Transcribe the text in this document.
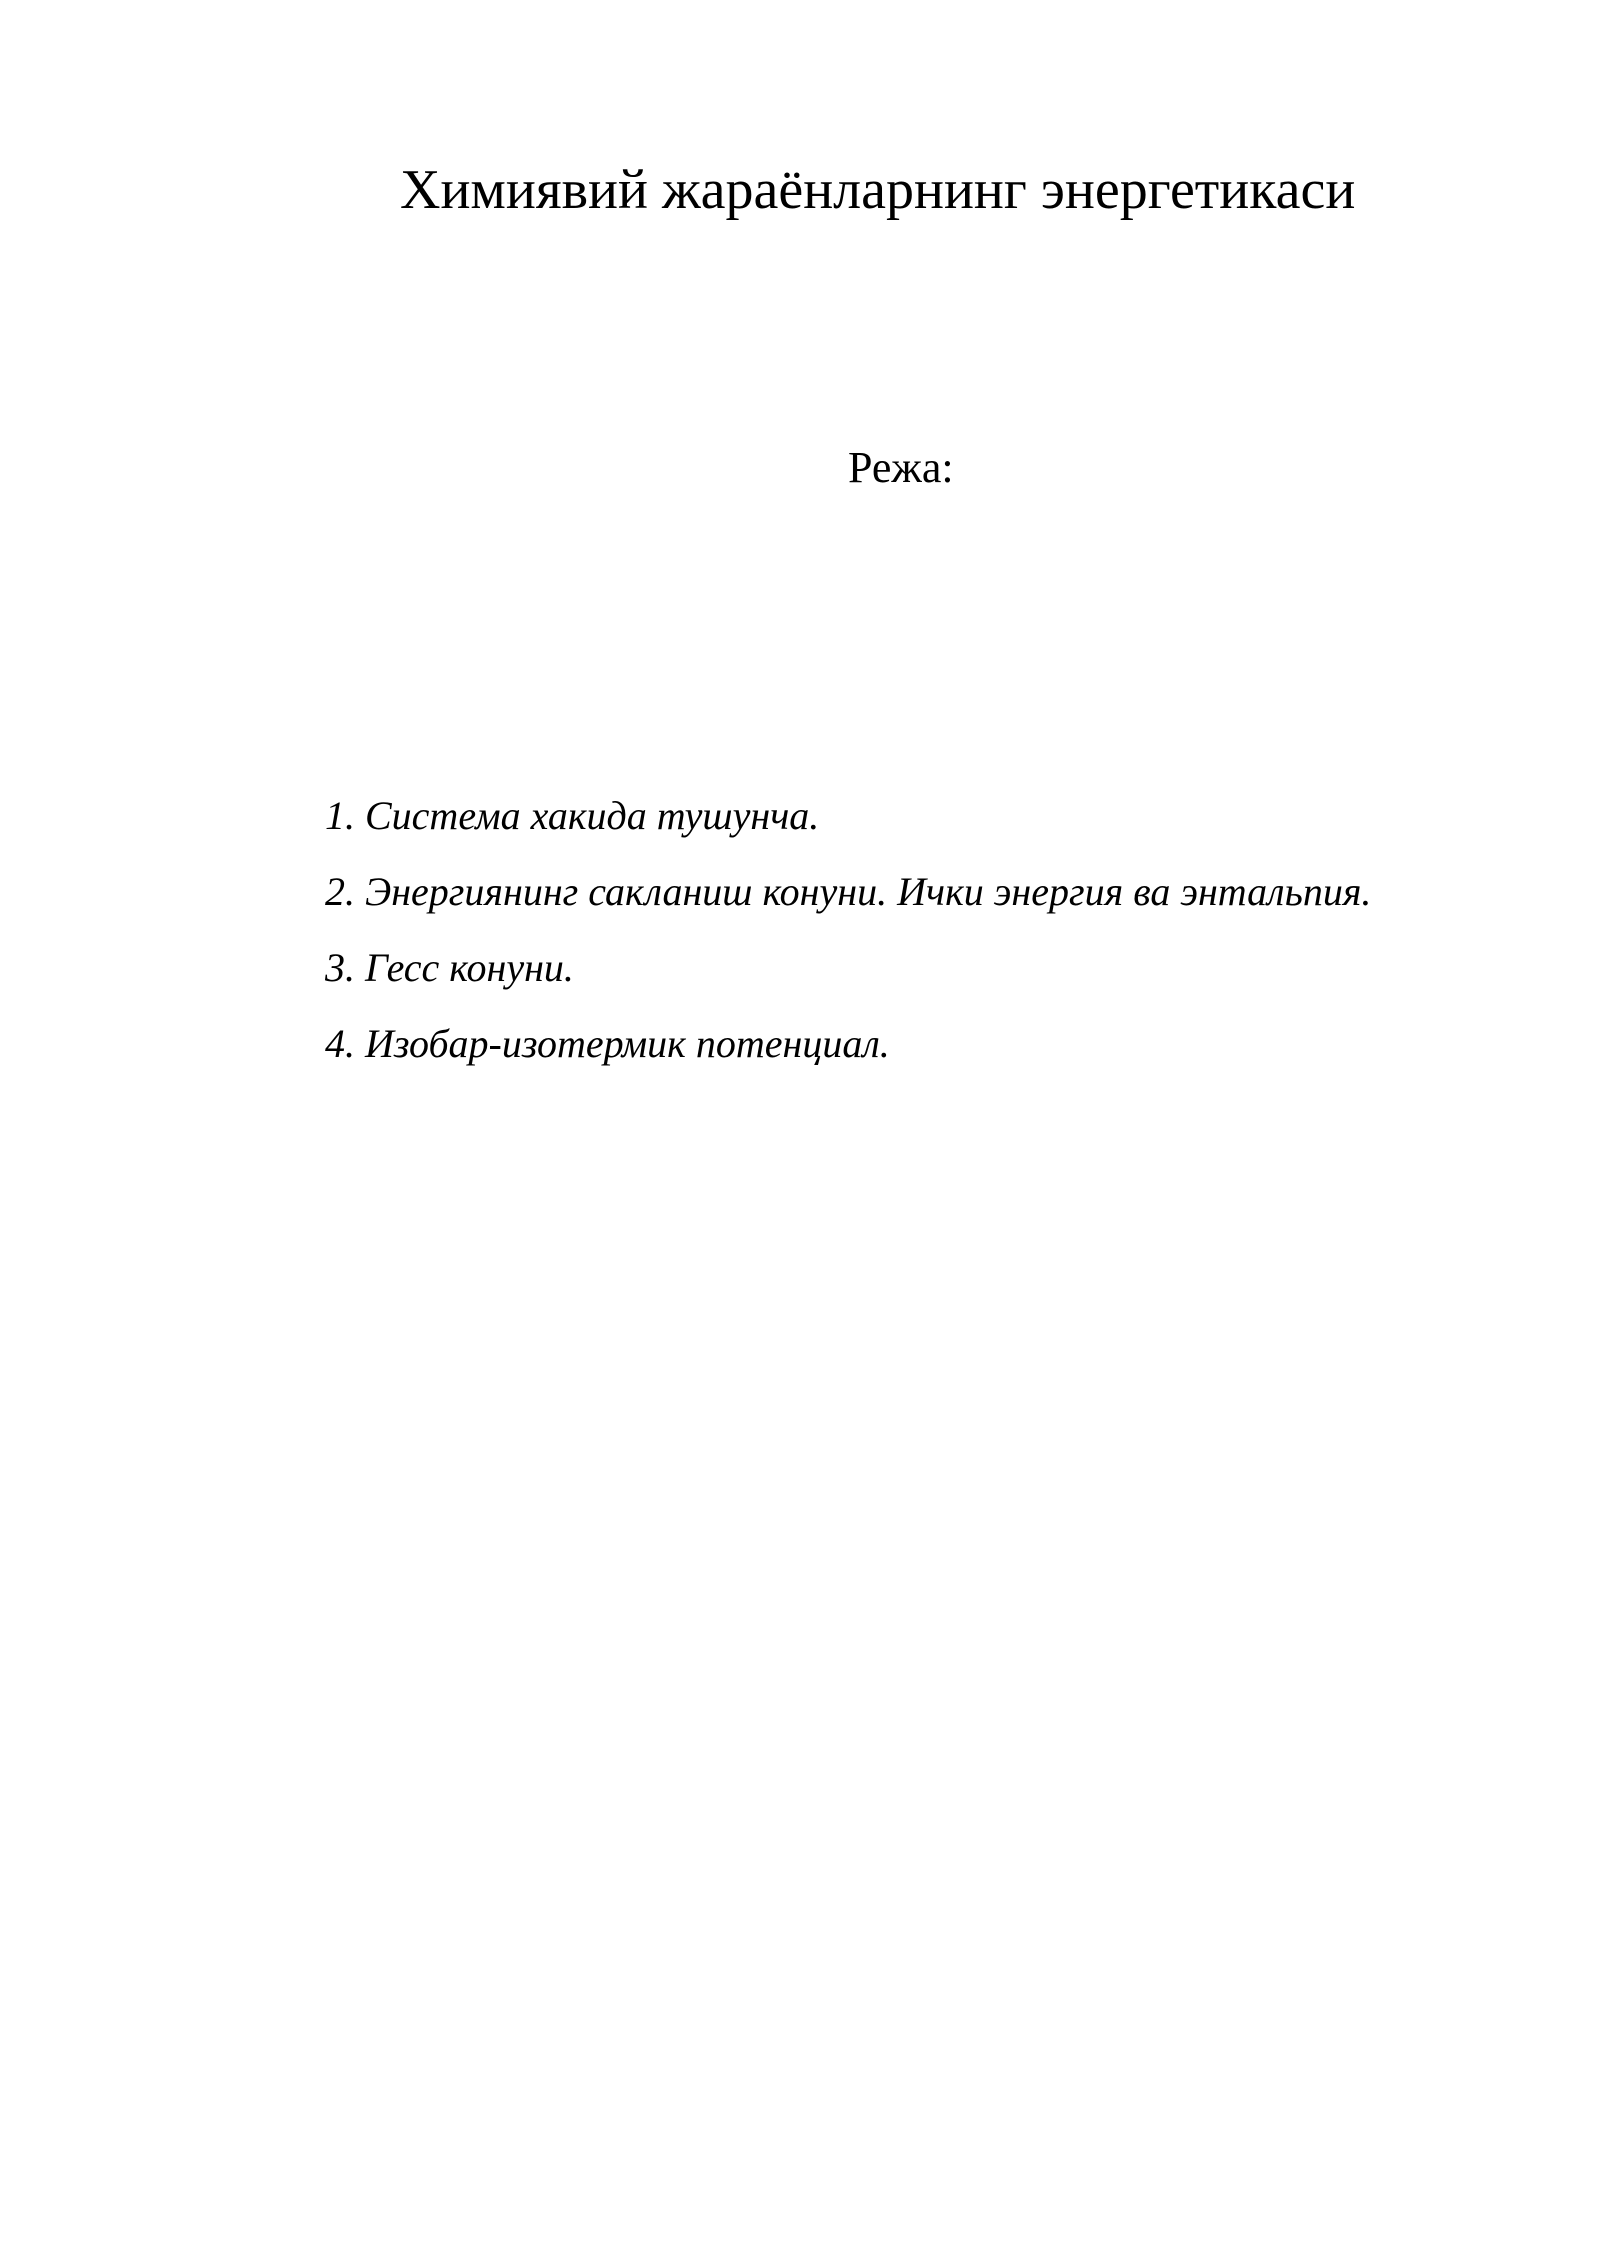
Химиявий жараёнларнинг энергетикаси
Режа:
1. Система хакида тушунча.
2. Энергиянинг сакланиш конуни. Ички энергия ва энтальпия.
3. Гесс конуни.
4. Изобар-изотермик потенциал.
